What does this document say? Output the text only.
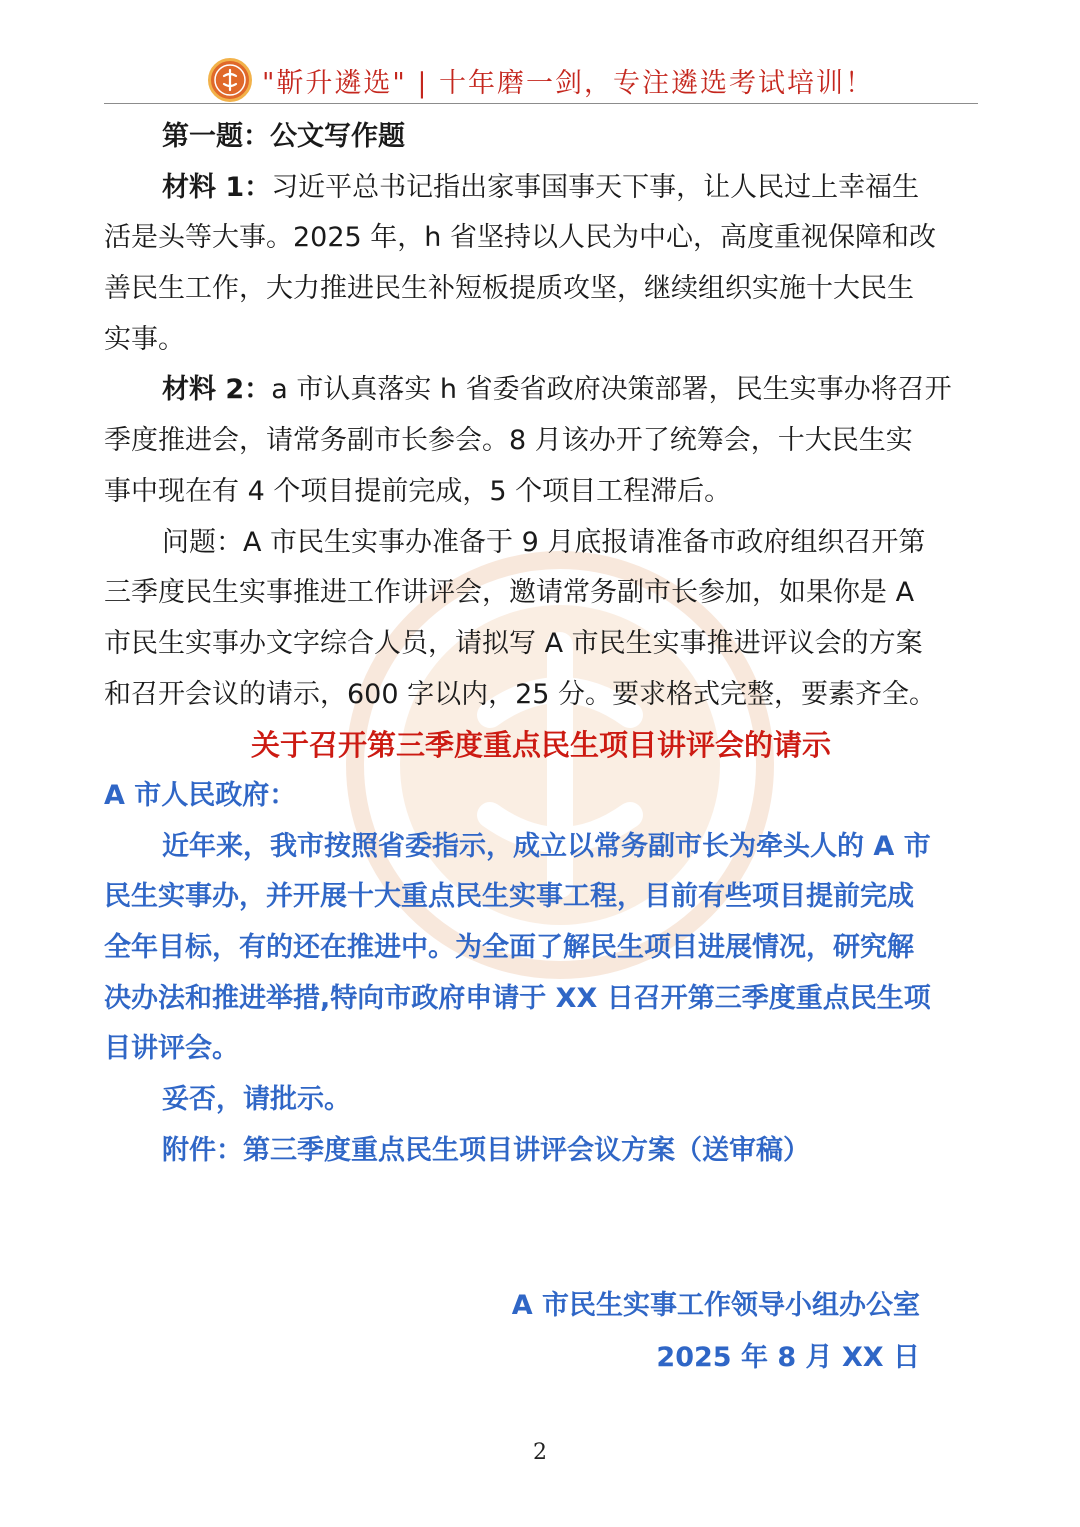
"靳升遴选" | 十年磨一剑，专注遴选考试培训！
第一题：公文写作题
材料 1：习近平总书记指出家事国事天下事，让人民过上幸福生
活是头等大事。2025 年，h 省坚持以人民为中心，高度重视保障和改
善民生工作，大力推进民生补短板提质攻坚，继续组织实施十大民生
实事。
材料 2：a 市认真落实 h 省委省政府决策部署，民生实事办将召开
季度推进会，请常务副市长参会。8 月该办开了统筹会，十大民生实
事中现在有 4 个项目提前完成，5 个项目工程滞后。
问题：A 市民生实事办准备于 9 月底报请准备市政府组织召开第
三季度民生实事推进工作讲评会，邀请常务副市长参加，如果你是 A
市民生实事办文字综合人员，请拟写 A 市民生实事推进评议会的方案
和召开会议的请示，600 字以内，25 分。要求格式完整，要素齐全。
关于召开第三季度重点民生项目讲评会的请示
A 市人民政府：
近年来，我市按照省委指示，成立以常务副市长为牵头人的 A 市
民生实事办，并开展十大重点民生实事工程，目前有些项目提前完成
全年目标，有的还在推进中。为全面了解民生项目进展情况，研究解
决办法和推进举措,特向市政府申请于 XX 日召开第三季度重点民生项
目讲评会。
妥否，请批示。
附件：第三季度重点民生项目讲评会议方案（送审稿）
A 市民生实事工作领导小组办公室
2025 年 8 月 XX 日
2
